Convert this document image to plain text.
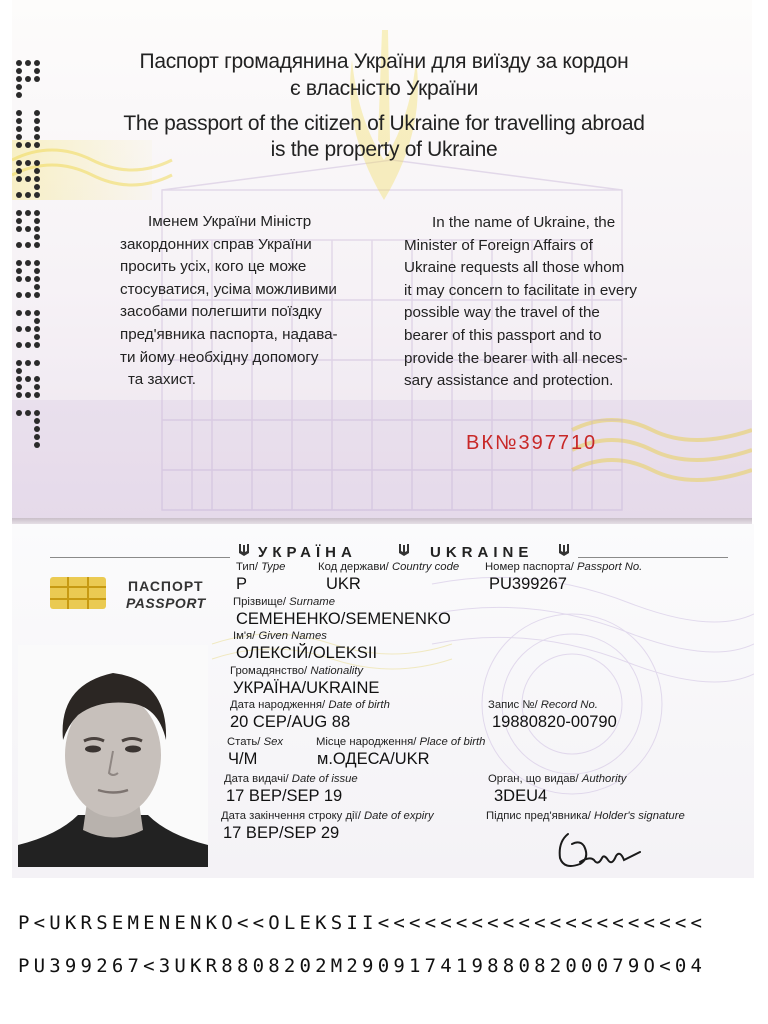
Паспорт громадянина України для виїзду за кордон
є власністю України
The passport of the citizen of Ukraine for travelling abroad
is the property of Ukraine
Іменем України Міністр
закордонних справ України
просить усіх, кого це може
стосуватися, усіма можливими
засобами полегшити поїздку
пред'явника паспорта, надава-
ти йому необхідну допомогу
та захист.
In the name of Ukraine, the
Minister of Foreign Affairs of
Ukraine requests all those whom
it may concern to facilitate in every
possible way the travel of the
bearer of this passport and to
provide the bearer with all neces-
sary assistance and protection.
ВК№397710
УКРАЇНА	UKRAINE
ПАСПОРТ
PASSPORT
Тип/ Type
P
Код держави/ Country code
UKR
Номер паспорта/ Passport No.
PU399267
Прізвище/ Surname
СЕМЕНЕНКО/SEMENENKO
Ім'я/ Given Names
ОЛЕКСІЙ/OLEKSII
Громадянство/ Nationality
УКРАЇНА/UKRAINE
Дата народження/ Date of birth
20 СЕР/AUG 88
Запис №/ Record No.
19880820-00790
Стать/ Sex
Ч/М
Місце народження/ Place of birth
м.ОДЕСА/UKR
Дата видачі/ Date of issue
17 ВЕР/SEP 19
Орган, що видав/ Authority
3DEU4
Дата закінчення строку дії/ Date of expiry
17 ВЕР/SEP 29
Підпис пред'явника/ Holder's signature
P<UKRSEMENENKO<<OLEKSII<<<<<<<<<<<<<<<<<<<<<
PU399267<3UKR8808202M2909174198808200079O<04
